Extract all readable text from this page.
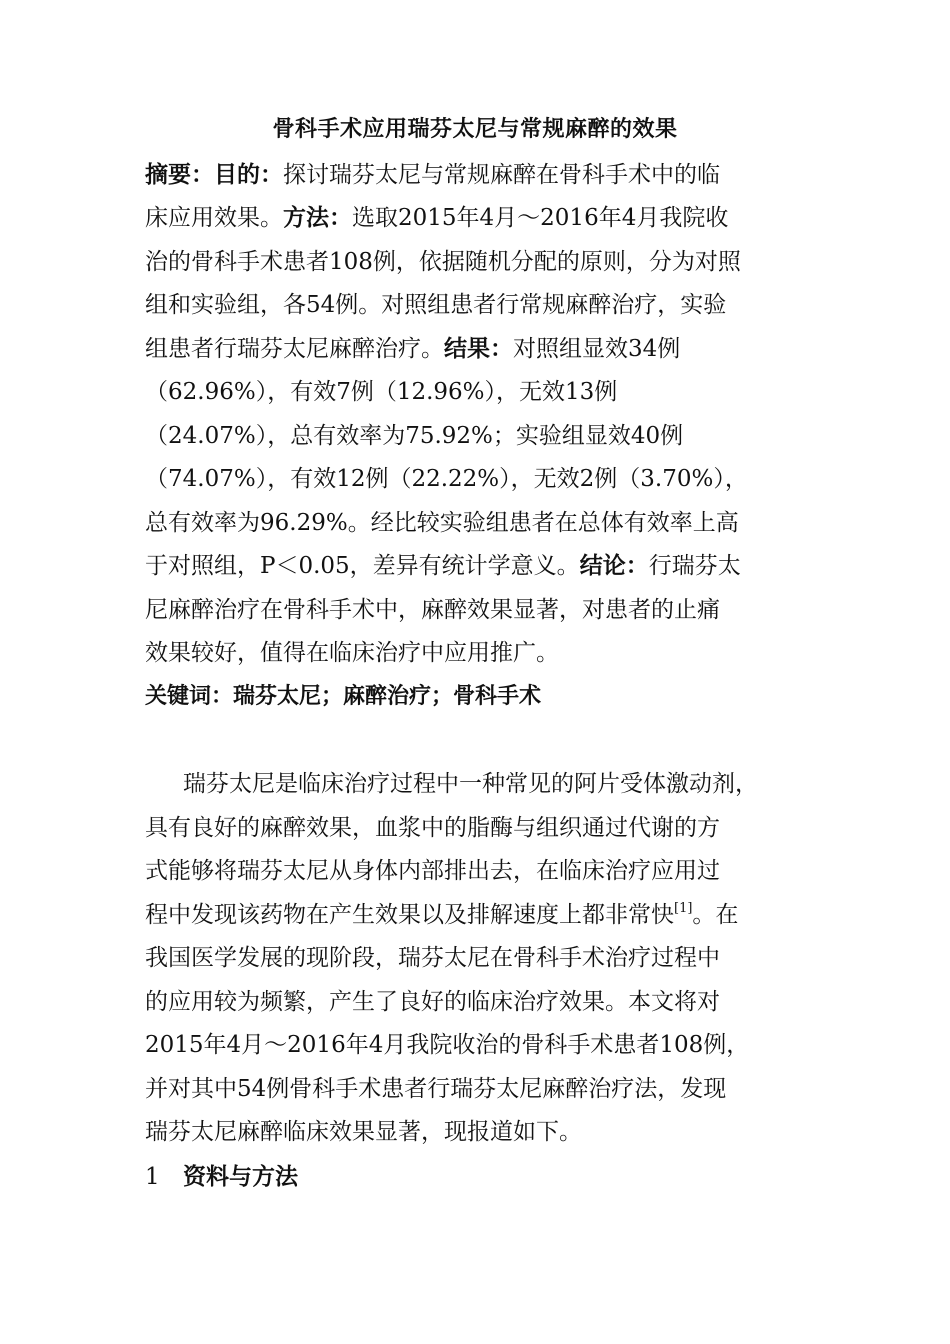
骨科手术应用瑞芬太尼与常规麻醉的效果
摘要：目的：探讨瑞芬太尼与常规麻醉在骨科手术中的临
床应用效果。方法：选取2015年4月～2016年4月我院收
治的骨科手术患者108例，依据随机分配的原则，分为对照
组和实验组，各54例。对照组患者行常规麻醉治疗，实验
组患者行瑞芬太尼麻醉治疗。结果：对照组显效34例
（62.96%），有效7例（12.96%），无效13例
（24.07%），总有效率为75.92%；实验组显效40例
（74.07%），有效12例（22.22%），无效2例（3.70%），
总有效率为96.29%。经比较实验组患者在总体有效率上高
于对照组，P＜0.05，差异有统计学意义。结论：行瑞芬太
尼麻醉治疗在骨科手术中，麻醉效果显著，对患者的止痛
效果较好，值得在临床治疗中应用推广。
关键词：瑞芬太尼；麻醉治疗；骨科手术
瑞芬太尼是临床治疗过程中一种常见的阿片受体激动剂，
具有良好的麻醉效果，血浆中的脂酶与组织通过代谢的方
式能够将瑞芬太尼从身体内部排出去，在临床治疗应用过
程中发现该药物在产生效果以及排解速度上都非常快[1]。在
我国医学发展的现阶段，瑞芬太尼在骨科手术治疗过程中
的应用较为频繁，产生了良好的临床治疗效果。本文将对
2015年4月～2016年4月我院收治的骨科手术患者108例，
并对其中54例骨科手术患者行瑞芬太尼麻醉治疗法，发现
瑞芬太尼麻醉临床效果显著，现报道如下。
1 资料与方法
